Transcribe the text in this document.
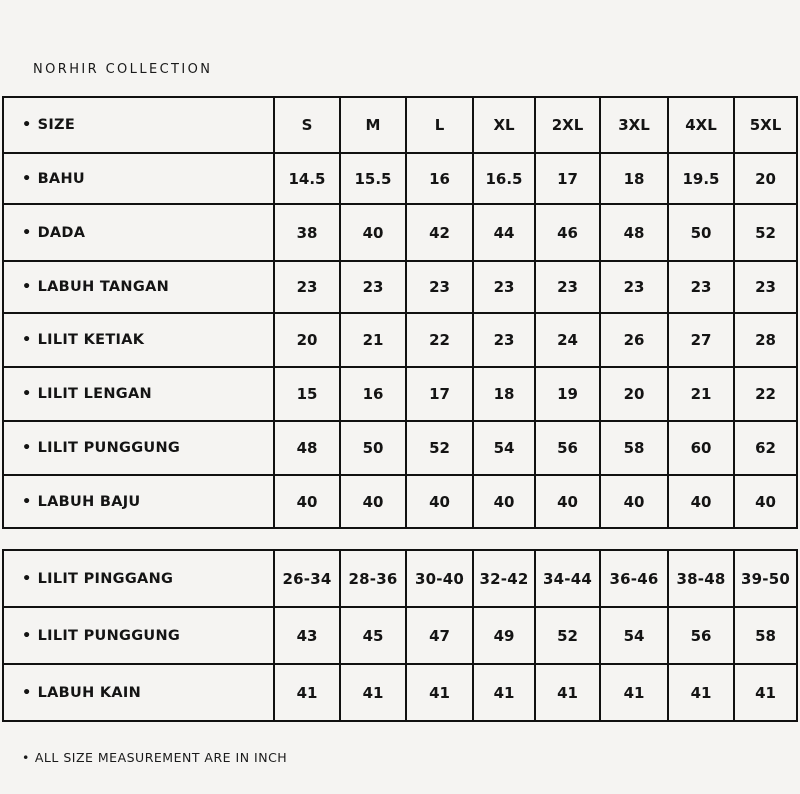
NORHIR COLLECTION
• SIZE	S	M	L	XL	2XL	3XL	4XL	5XL
• BAHU	14.5	15.5	16	16.5	17	18	19.5	20
• DADA	38	40	42	44	46	48	50	52
• LABUH TANGAN	23	23	23	23	23	23	23	23
• LILIT KETIAK	20	21	22	23	24	26	27	28
• LILIT LENGAN	15	16	17	18	19	20	21	22
• LILIT PUNGGUNG	48	50	52	54	56	58	60	62
• LABUH BAJU	40	40	40	40	40	40	40	40
• LILIT PINGGANG	26-34	28-36	30-40	32-42	34-44	36-46	38-48	39-50
• LILIT PUNGGUNG	43	45	47	49	52	54	56	58
• LABUH KAIN	41	41	41	41	41	41	41	41
• ALL SIZE MEASUREMENT ARE IN INCH
